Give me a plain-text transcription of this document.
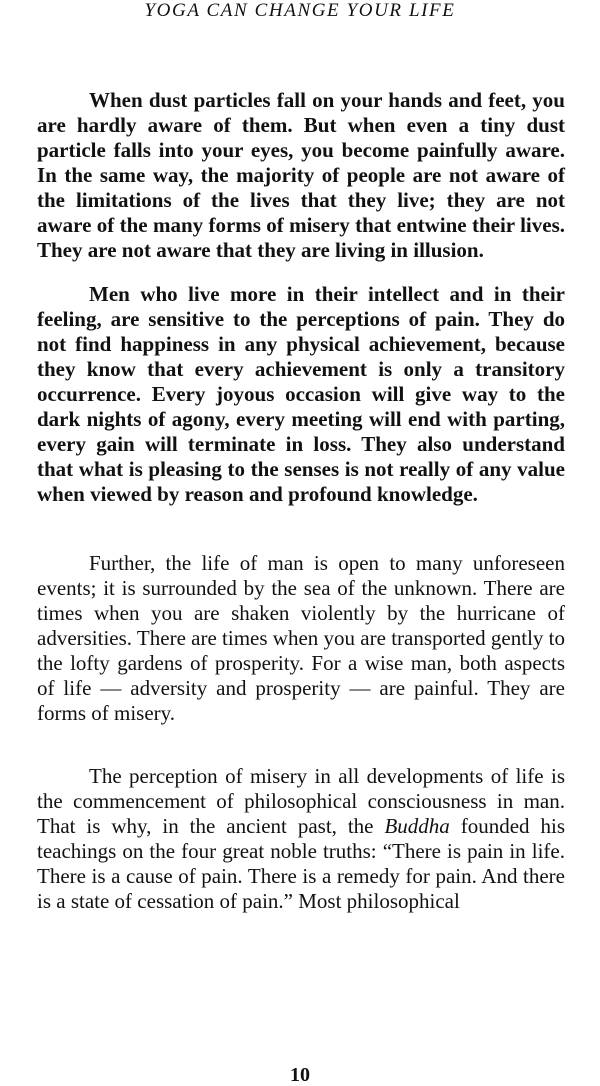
YOGA CAN CHANGE YOUR LIFE

When dust particles fall on your hands and feet, you are hardly aware of them. But when even a tiny dust particle falls into your eyes, you become painfully aware. In the same way, the majority of people are not aware of the limitations of the lives that they live; they are not aware of the many forms of misery that entwine their lives. They are not aware that they are living in illusion.

Men who live more in their intellect and in their feeling, are sensitive to the perceptions of pain. They do not find happiness in any physical achievement, because they know that every achievement is only a transitory occurrence. Every joyous occasion will give way to the dark nights of agony, every meeting will end with parting, every gain will terminate in loss. They also understand that what is pleasing to the senses is not really of any value when viewed by reason and profound knowledge.

Further, the life of man is open to many unforeseen events; it is surrounded by the sea of the unknown. There are times when you are shaken violently by the hurricane of adversities. There are times when you are transported gently to the lofty gardens of prosperity. For a wise man, both aspects of life — adversity and prosperity — are painful. They are forms of misery.

The perception of misery in all developments of life is the commencement of philosophical consciousness in man. That is why, in the ancient past, the Buddha founded his teachings on the four great noble truths: “There is pain in life. There is a cause of pain. There is a remedy for pain. And there is a state of cessation of pain.” Most philosophical

10
